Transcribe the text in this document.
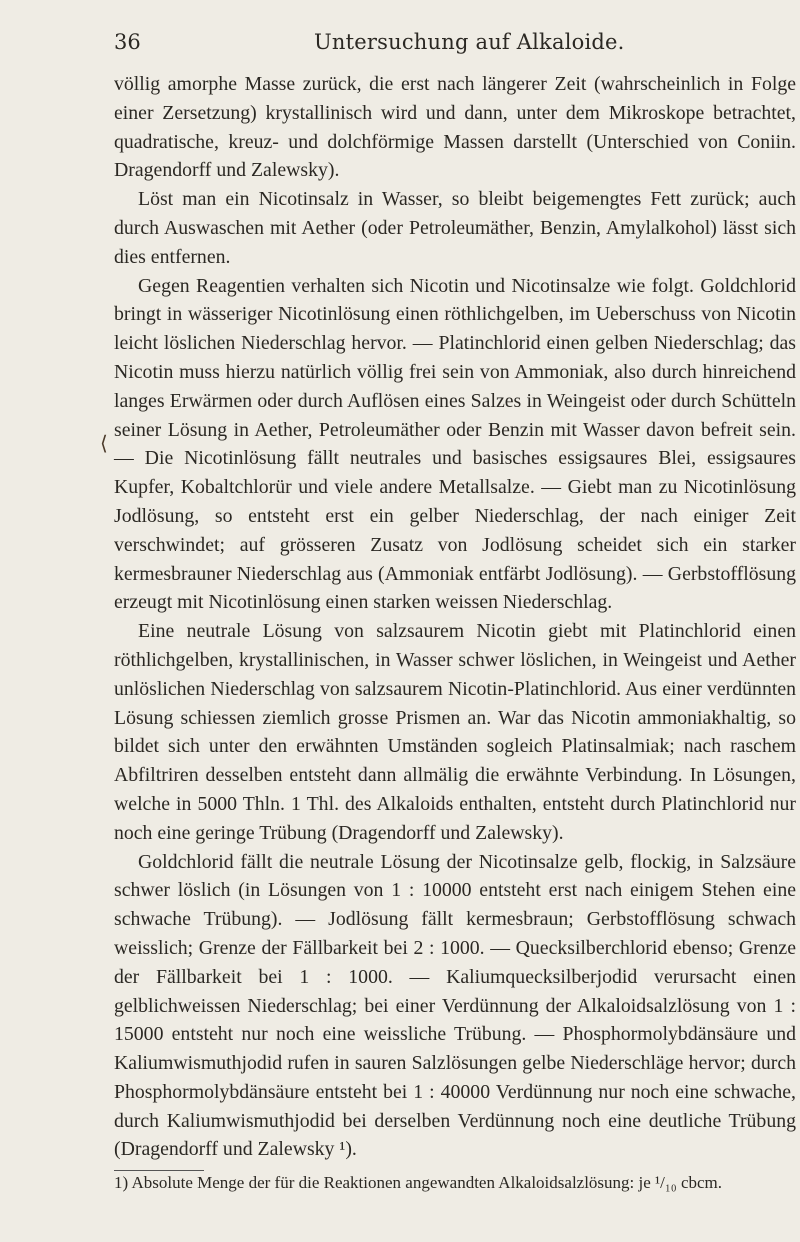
36	Untersuchung auf Alkaloide.
⟨

völlig amorphe Masse zurück, die erst nach längerer Zeit (wahrscheinlich in Folge einer Zersetzung) krystallinisch wird und dann, unter dem Mikroskope betrachtet, quadratische, kreuz- und dolchförmige Massen darstellt (Unterschied von Coniin. Dragendorff und Zalewsky).

Löst man ein Nicotinsalz in Wasser, so bleibt beigemengtes Fett zurück; auch durch Auswaschen mit Aether (oder Petroleumäther, Benzin, Amylalkohol) lässt sich dies entfernen.

Gegen Reagentien verhalten sich Nicotin und Nicotinsalze wie folgt. Goldchlorid bringt in wässeriger Nicotinlösung einen röthlichgelben, im Ueberschuss von Nicotin leicht löslichen Niederschlag hervor. — Platinchlorid einen gelben Niederschlag; das Nicotin muss hierzu natürlich völlig frei sein von Ammoniak, also durch hinreichend langes Erwärmen oder durch Auflösen eines Salzes in Weingeist oder durch Schütteln seiner Lösung in Aether, Petroleumäther oder Benzin mit Wasser davon befreit sein. — Die Nicotinlösung fällt neutrales und basisches essigsaures Blei, essigsaures Kupfer, Kobaltchlorür und viele andere Metallsalze. — Giebt man zu Nicotinlösung Jodlösung, so entsteht erst ein gelber Niederschlag, der nach einiger Zeit verschwindet; auf grösseren Zusatz von Jodlösung scheidet sich ein starker kermesbrauner Niederschlag aus (Ammoniak entfärbt Jodlösung). — Gerbstofflösung erzeugt mit Nicotinlösung einen starken weissen Niederschlag.

Eine neutrale Lösung von salzsaurem Nicotin giebt mit Platinchlorid einen röthlichgelben, krystallinischen, in Wasser schwer löslichen, in Weingeist und Aether unlöslichen Niederschlag von salzsaurem Nicotin-Platinchlorid. Aus einer verdünnten Lösung schiessen ziemlich grosse Prismen an. War das Nicotin ammoniakhaltig, so bildet sich unter den erwähnten Umständen sogleich Platinsalmiak; nach raschem Abfiltriren desselben entsteht dann allmälig die erwähnte Verbindung. In Lösungen, welche in 5000 Thln. 1 Thl. des Alkaloids enthalten, entsteht durch Platinchlorid nur noch eine geringe Trübung (Dragendorff und Zalewsky).

Goldchlorid fällt die neutrale Lösung der Nicotinsalze gelb, flockig, in Salzsäure schwer löslich (in Lösungen von 1 : 10000 entsteht erst nach einigem Stehen eine schwache Trübung). — Jodlösung fällt kermesbraun; Gerbstofflösung schwach weisslich; Grenze der Fällbarkeit bei 2 : 1000. — Quecksilberchlorid ebenso; Grenze der Fällbarkeit bei 1 : 1000. — Kaliumquecksilberjodid verursacht einen gelblichweissen Niederschlag; bei einer Verdünnung der Alkaloidsalzlösung von 1 : 15000 entsteht nur noch eine weissliche Trübung. — Phosphormolybdänsäure und Kaliumwismuthjodid rufen in sauren Salzlösungen gelbe Niederschläge hervor; durch Phosphormolybdänsäure entsteht bei 1 : 40000 Verdünnung nur noch eine schwache, durch Kaliumwismuthjodid bei derselben Verdünnung noch eine deutliche Trübung (Dragendorff und Zalewsky ¹).

1) Absolute Menge der für die Reaktionen angewandten Alkaloidsalzlösung: je ¹/₁₀ cbcm.
